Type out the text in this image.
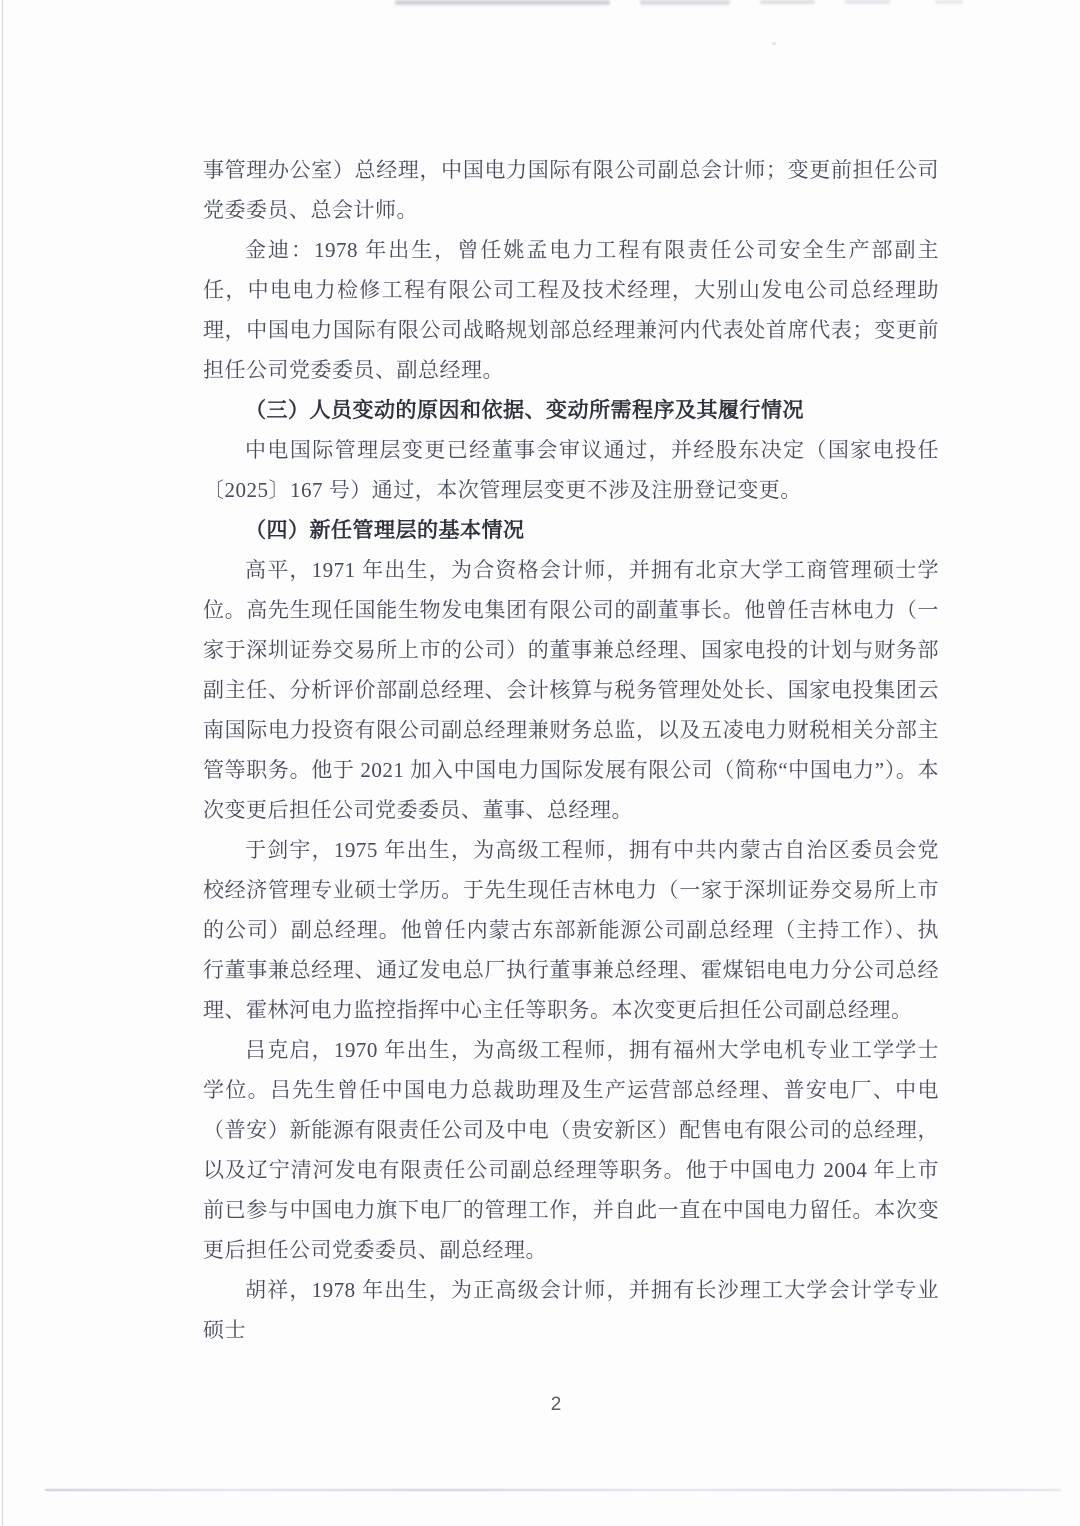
事管理办公室）总经理，中国电力国际有限公司副总会计师；变更前担任公司党委委员、总会计师。

金迪：1978 年出生，曾任姚孟电力工程有限责任公司安全生产部副主任，中电电力检修工程有限公司工程及技术经理，大别山发电公司总经理助理，中国电力国际有限公司战略规划部总经理兼河内代表处首席代表；变更前担任公司党委委员、副总经理。

（三）人员变动的原因和依据、变动所需程序及其履行情况

中电国际管理层变更已经董事会审议通过，并经股东决定（国家电投任〔2025〕167 号）通过，本次管理层变更不涉及注册登记变更。

（四）新任管理层的基本情况

高平，1971 年出生，为合资格会计师，并拥有北京大学工商管理硕士学位。高先生现任国能生物发电集团有限公司的副董事长。他曾任吉林电力（一家于深圳证券交易所上市的公司）的董事兼总经理、国家电投的计划与财务部副主任、分析评价部副总经理、会计核算与税务管理处处长、国家电投集团云南国际电力投资有限公司副总经理兼财务总监，以及五凌电力财税相关分部主管等职务。他于 2021 加入中国电力国际发展有限公司（简称“中国电力”）。本次变更后担任公司党委委员、董事、总经理。

于剑宇，1975 年出生，为高级工程师，拥有中共内蒙古自治区委员会党校经济管理专业硕士学历。于先生现任吉林电力（一家于深圳证券交易所上市的公司）副总经理。他曾任内蒙古东部新能源公司副总经理（主持工作）、执行董事兼总经理、通辽发电总厂执行董事兼总经理、霍煤铝电电力分公司总经理、霍林河电力监控指挥中心主任等职务。本次变更后担任公司副总经理。

吕克启，1970 年出生，为高级工程师，拥有福州大学电机专业工学学士学位。吕先生曾任中国电力总裁助理及生产运营部总经理、普安电厂、中电（普安）新能源有限责任公司及中电（贵安新区）配售电有限公司的总经理，以及辽宁清河发电有限责任公司副总经理等职务。他于中国电力 2004 年上市前已参与中国电力旗下电厂的管理工作，并自此一直在中国电力留任。本次变更后担任公司党委委员、副总经理。

胡祥，1978 年出生，为正高级会计师，并拥有长沙理工大学会计学专业硕士

2
